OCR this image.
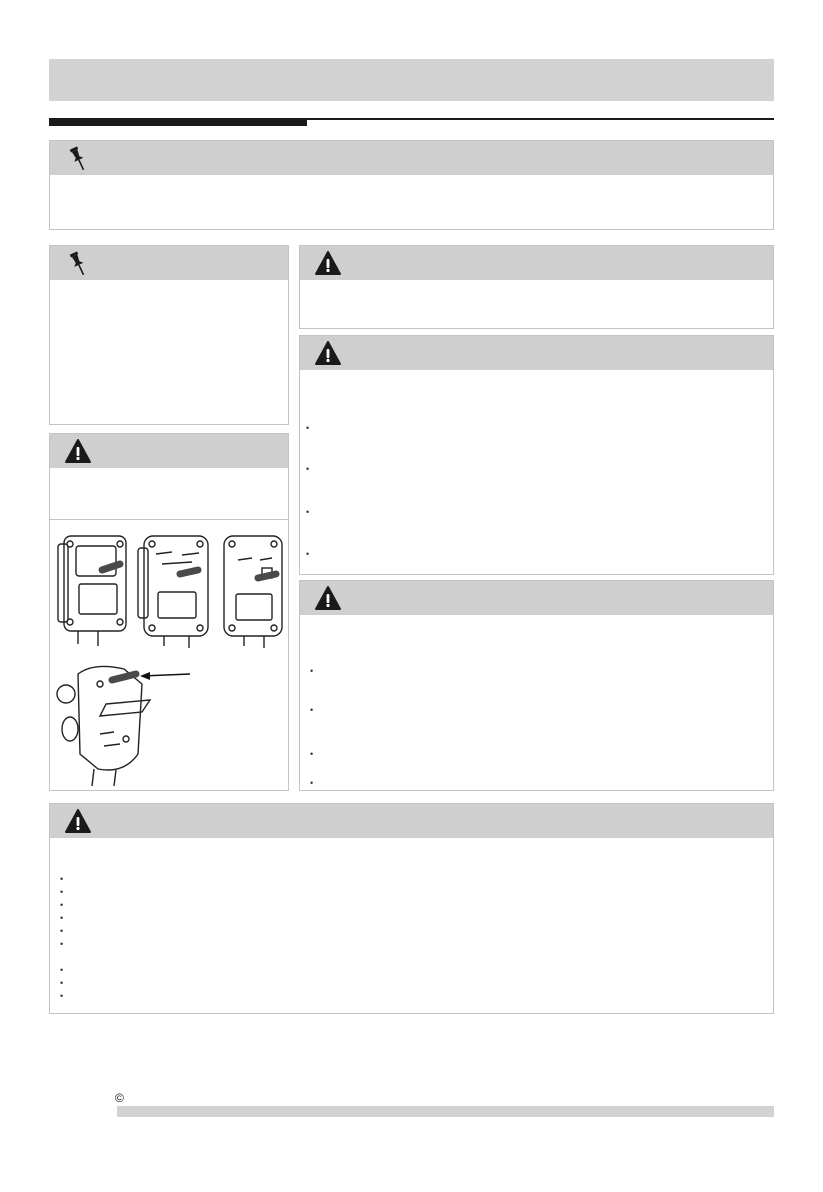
•
•
•
•
•
•
•
•
•
•
•
•
•
•
•
•
•
©
